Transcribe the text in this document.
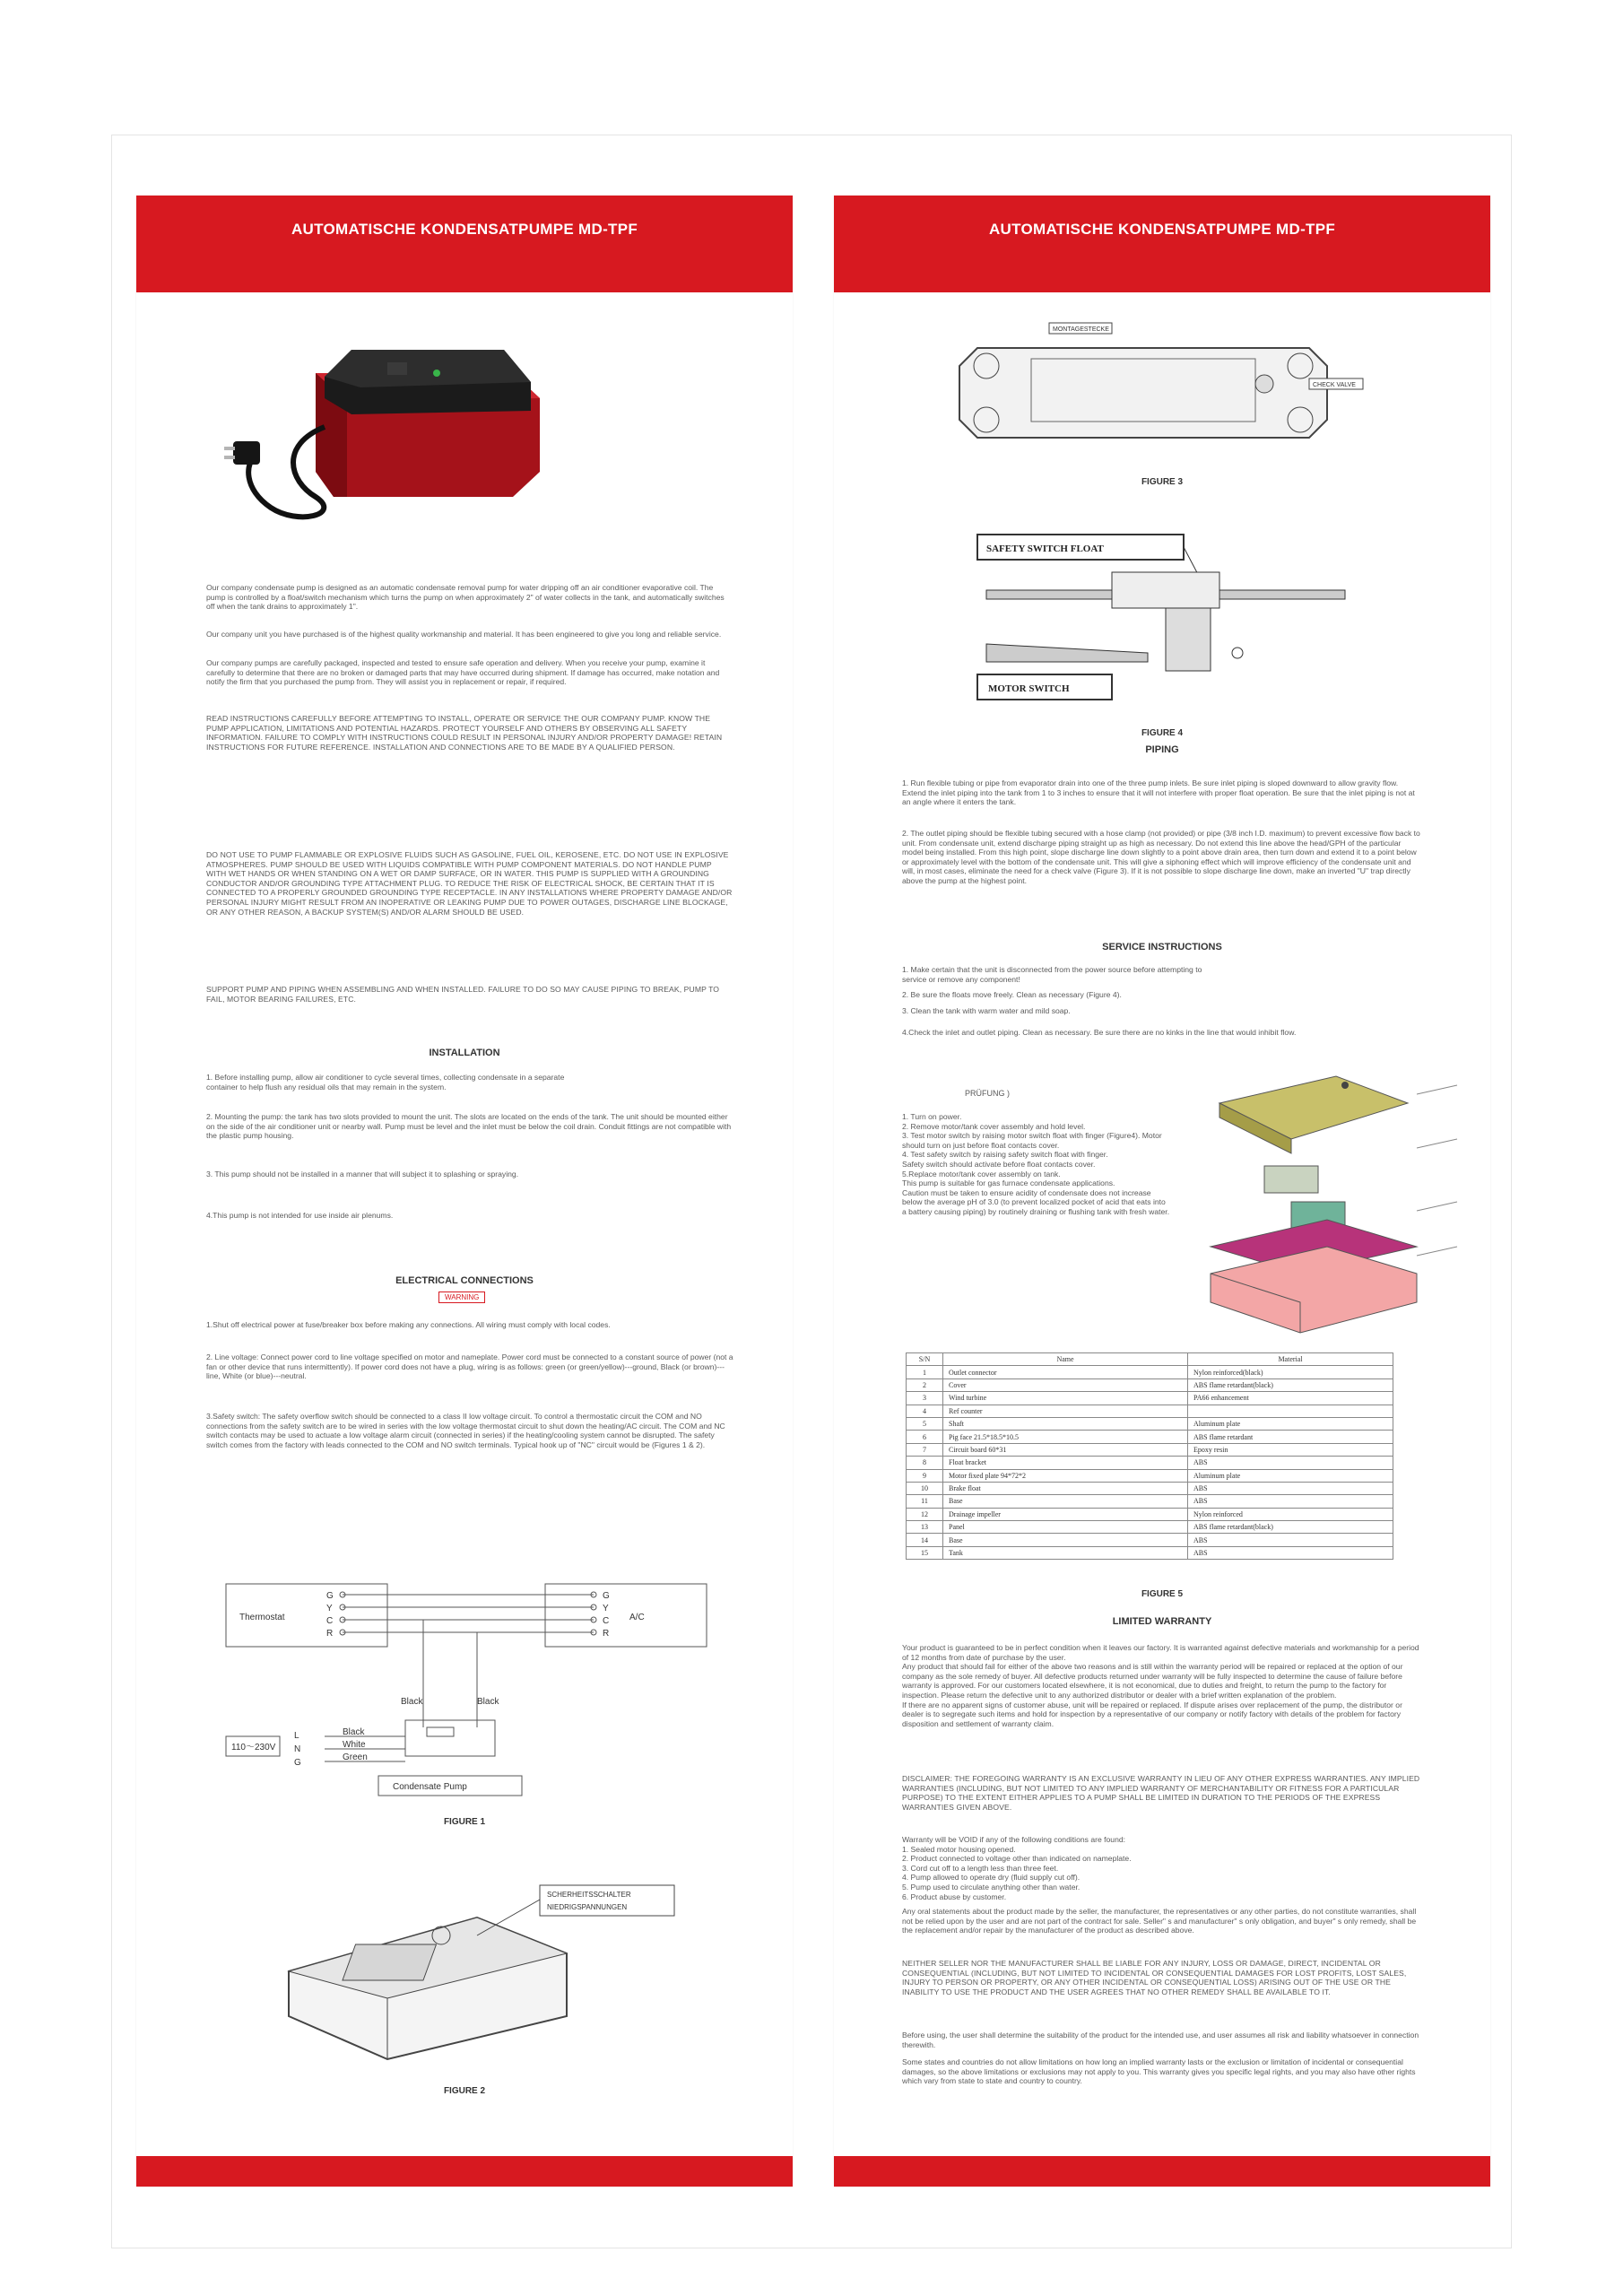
AUTOMATISCHE KONDENSATPUMPE MD-TPF
Our company condensate pump is designed as an automatic condensate removal pump for water dripping off an air conditioner evaporative coil. The pump is controlled by a float/switch mechanism which turns the pump on when approximately 2" of water collects in the tank, and automatically switches off when the tank drains to approximately 1".
Our company unit you have purchased is of the highest quality workmanship and material. It has been engineered to give you long and reliable service.
Our company pumps are carefully packaged, inspected and tested to ensure safe operation and delivery. When you receive your pump, examine it carefully to determine that there are no broken or damaged parts that may have occurred during shipment. If damage has occurred, make notation and notify the firm that you purchased the pump from. They will assist you in replacement or repair, if required.
READ INSTRUCTIONS CAREFULLY BEFORE ATTEMPTING TO INSTALL, OPERATE OR SERVICE THE OUR COMPANY PUMP. KNOW THE PUMP APPLICATION, LIMITATIONS AND POTENTIAL HAZARDS. PROTECT YOURSELF AND OTHERS BY OBSERVING ALL SAFETY INFORMATION. FAILURE TO COMPLY WITH INSTRUCTIONS COULD RESULT IN PERSONAL INJURY AND/OR PROPERTY DAMAGE! RETAIN INSTRUCTIONS FOR FUTURE REFERENCE. INSTALLATION AND CONNECTIONS ARE TO BE MADE BY A QUALIFIED PERSON.
DO NOT USE TO PUMP FLAMMABLE OR EXPLOSIVE FLUIDS SUCH AS GASOLINE, FUEL OIL, KEROSENE, ETC. DO NOT USE IN EXPLOSIVE ATMOSPHERES. PUMP SHOULD BE USED WITH LIQUIDS COMPATIBLE WITH PUMP COMPONENT MATERIALS. DO NOT HANDLE PUMP WITH WET HANDS OR WHEN STANDING ON A WET OR DAMP SURFACE, OR IN WATER. THIS PUMP IS SUPPLIED WITH A GROUNDING CONDUCTOR AND/OR GROUNDING TYPE ATTACHMENT PLUG. TO REDUCE THE RISK OF ELECTRICAL SHOCK, BE CERTAIN THAT IT IS CONNECTED TO A PROPERLY GROUNDED GROUNDING TYPE RECEPTACLE. IN ANY INSTALLATIONS WHERE PROPERTY DAMAGE AND/OR PERSONAL INJURY MIGHT RESULT FROM AN INOPERATIVE OR LEAKING PUMP DUE TO POWER OUTAGES, DISCHARGE LINE BLOCKAGE, OR ANY OTHER REASON, A BACKUP SYSTEM(S) AND/OR ALARM SHOULD BE USED.
SUPPORT PUMP AND PIPING WHEN ASSEMBLING AND WHEN INSTALLED. FAILURE TO DO SO MAY CAUSE PIPING TO BREAK, PUMP TO FAIL, MOTOR BEARING FAILURES, ETC.
INSTALLATION
1. Before installing pump, allow air conditioner to cycle several times, collecting condensate in a separate container to help flush any residual oils that may remain in the system.
2. Mounting the pump: the tank has two slots provided to mount the unit. The slots are located on the ends of the tank. The unit should be mounted either on the side of the air conditioner unit or nearby wall. Pump must be level and the inlet must be below the coil drain. Conduit fittings are not compatible with the plastic pump housing.
3. This pump should not be installed in a manner that will subject it to splashing or spraying.
4.This pump is not intended for use inside air plenums.
ELECTRICAL CONNECTIONS
WARNING
1.Shut off electrical power at fuse/breaker box before making any connections. All wiring must comply with local codes.
2. Line voltage: Connect power cord to line voltage specified on motor and nameplate. Power cord must be connected to a constant source of power (not a fan or other device that runs intermittently). If power cord does not have a plug, wiring is as follows: green (or green/yellow)---ground, Black (or brown)---line, White (or blue)---neutral.
3.Safety switch: The safety overflow switch should be connected to a class II low voltage circuit. To control a thermostatic circuit the COM and NO connections from the safety switch are to be wired in series with the low voltage thermostat circuit to shut down the heating/AC circuit. The COM and NC switch contacts may be used to actuate a low voltage alarm circuit (connected in series) if the heating/cooling system cannot be disrupted. The safety switch comes from the factory with leads connected to the COM and NO switch terminals. Typical hook up of "NC" circuit would be (Figures 1 & 2).
Thermostat	A/C
G
Y
C
R
G
Y
C
R
Black	Black
110～230V
L
N
G
Black
White
Green
Condensate Pump
FIGURE 1
SCHERHEITSSCHALTER
NIEDRIGSPANNUNGEN
FIGURE 2
AUTOMATISCHE KONDENSATPUMPE MD-TPF
MONTAGESTECKE
CHECK VALVE
FIGURE 3
SAFETY SWITCH FLOAT
MOTOR SWITCH
FIGURE 4
PIPING
1. Run flexible tubing or pipe from evaporator drain into one of the three pump inlets. Be sure inlet piping is sloped downward to allow gravity flow. Extend the inlet piping into the tank from 1 to 3 inches to ensure that it will not interfere with proper float operation. Be sure that the inlet piping is not at an angle where it enters the tank.
2. The outlet piping should be flexible tubing secured with a hose clamp (not provided) or pipe (3/8 inch I.D. maximum) to prevent excessive flow back to unit. From condensate unit, extend discharge piping straight up as high as necessary. Do not extend this line above the head/GPH of the particular model being installed. From this high point, slope discharge line down slightly to a point above drain area, then turn down and extend it to a point below or approximately level with the bottom of the condensate unit. This will give a siphoning effect which will improve efficiency of the condensate unit and will, in most cases, eliminate the need for a check valve (Figure 3). If it is not possible to slope discharge line down, make an inverted "U" trap directly above the pump at the highest point.
SERVICE INSTRUCTIONS
1. Make certain that the unit is disconnected from the power source before attempting to service or remove any component!
2. Be sure the floats move freely. Clean as necessary (Figure 4).
3. Clean the tank with warm water and mild soap.
4.Check the inlet and outlet piping. Clean as necessary. Be sure there are no kinks in the line that would inhibit flow.
PRÜFUNG )
1. Turn on power.
2. Remove motor/tank cover assembly and hold level.
3. Test motor switch by raising motor switch float with finger (Figure4). Motor should turn on just before float contacts cover.
4. Test safety switch by raising safety switch float with finger.
Safety switch should activate before float contacts cover.
5.Replace motor/tank cover assembly on tank.
This pump is suitable for gas furnace condensate applications.
Caution must be taken to ensure acidity of condensate does not increase below the average pH of 3.0 (to prevent localized pocket of acid that eats into a battery causing piping) by routinely draining or flushing tank with fresh water.
S/N	Name	Material
1	Outlet connector	Nylon reinforced(black)
2	Cover	ABS flame retardant(black)
3	Wind turbine	PA66 enhancement
4	Ref counter	
5	Shaft	Aluminum plate
6	Pig face 21.5*18.5*10.5	ABS flame retardant
7	Circuit board 60*31	Epoxy resin
8	Float bracket	ABS
9	Motor fixed plate 94*72*2	Aluminum plate
10	Brake float	ABS
11	Base	ABS
12	Drainage impeller	Nylon reinforced
13	Panel	ABS flame retardant(black)
14	Base	ABS
15	Tank	ABS
FIGURE 5
LIMITED WARRANTY
Your product is guaranteed to be in perfect condition when it leaves our factory. It is warranted against defective materials and workmanship for a period of 12 months from date of purchase by the user.
Any product that should fail for either of the above two reasons and is still within the warranty period will be repaired or replaced at the option of our company as the sole remedy of buyer. All defective products returned under warranty will be fully inspected to determine the cause of failure before warranty is approved. For our customers located elsewhere, it is not economical, due to duties and freight, to return the pump to the factory for inspection. Please return the defective unit to any authorized distributor or dealer with a brief written explanation of the problem.
If there are no apparent signs of customer abuse, unit will be repaired or replaced. If dispute arises over replacement of the pump, the distributor or dealer is to segregate such items and hold for inspection by a representative of our company or notify factory with details of the problem for factory disposition and settlement of warranty claim.
DISCLAIMER: THE FOREGOING WARRANTY IS AN EXCLUSIVE WARRANTY IN LIEU OF ANY OTHER EXPRESS WARRANTIES. ANY IMPLIED WARRANTIES (INCLUDING, BUT NOT LIMITED TO ANY IMPLIED WARRANTY OF MERCHANTABILITY OR FITNESS FOR A PARTICULAR PURPOSE) TO THE EXTENT EITHER APPLIES TO A PUMP SHALL BE LIMITED IN DURATION TO THE PERIODS OF THE EXPRESS WARRANTIES GIVEN ABOVE.
Warranty will be VOID if any of the following conditions are found:
1. Sealed motor housing opened.
2. Product connected to voltage other than indicated on nameplate.
3. Cord cut off to a length less than three feet.
4. Pump allowed to operate dry (fluid supply cut off).
5. Pump used to circulate anything other than water.
6. Product abuse by customer.
Any oral statements about the product made by the seller, the manufacturer, the representatives or any other parties, do not constitute warranties, shall not be relied upon by the user and are not part of the contract for sale. Seller" s and manufacturer" s only obligation, and buyer" s only remedy, shall be the replacement and/or repair by the manufacturer of the product as described above.
NEITHER SELLER NOR THE MANUFACTURER SHALL BE LIABLE FOR ANY INJURY, LOSS OR DAMAGE, DIRECT, INCIDENTAL OR CONSEQUENTIAL (INCLUDING, BUT NOT LIMITED TO INCIDENTAL OR CONSEQUENTIAL DAMAGES FOR LOST PROFITS, LOST SALES, INJURY TO PERSON OR PROPERTY, OR ANY OTHER INCIDENTAL OR CONSEQUENTIAL LOSS) ARISING OUT OF THE USE OR THE INABILITY TO USE THE PRODUCT AND THE USER AGREES THAT NO OTHER REMEDY SHALL BE AVAILABLE TO IT.
Before using, the user shall determine the suitability of the product for the intended use, and user assumes all risk and liability whatsoever in connection therewith.
Some states and countries do not allow limitations on how long an implied warranty lasts or the exclusion or limitation of incidental or consequential damages, so the above limitations or exclusions may not apply to you. This warranty gives you specific legal rights, and you may also have other rights which vary from state to state and country to country.
